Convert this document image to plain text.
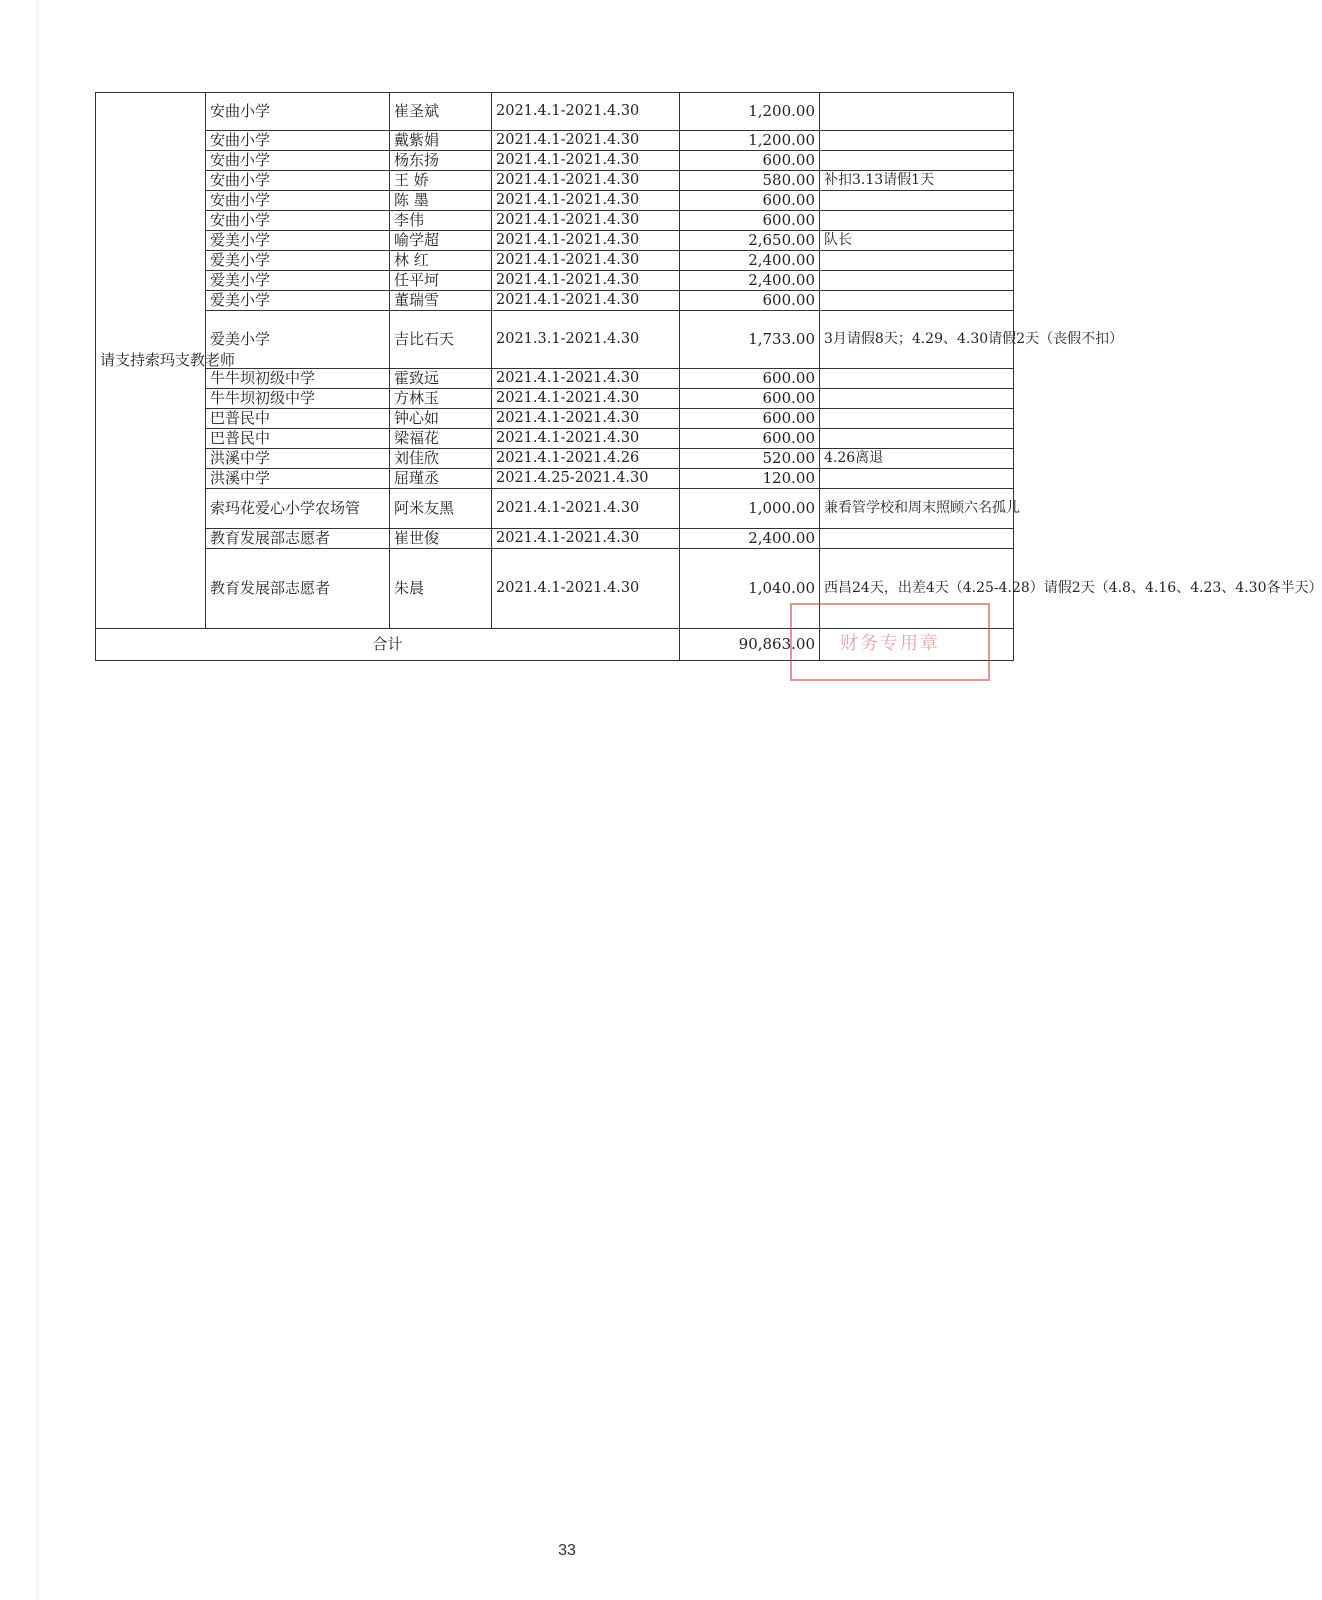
请支持索玛支教老师	安曲小学	崔圣斌	2021.4.1-2021.4.30	1,200.00	
	安曲小学	戴紫娟	2021.4.1-2021.4.30	1,200.00	
	安曲小学	杨东扬	2021.4.1-2021.4.30	600.00	
	安曲小学	王 娇	2021.4.1-2021.4.30	580.00	补扣3.13请假1天
	安曲小学	陈 墨	2021.4.1-2021.4.30	600.00	
	安曲小学	李伟	2021.4.1-2021.4.30	600.00	
	爱美小学	喻学超	2021.4.1-2021.4.30	2,650.00	队长
	爱美小学	林 红	2021.4.1-2021.4.30	2,400.00	
	爱美小学	任平坷	2021.4.1-2021.4.30	2,400.00	
	爱美小学	董瑞雪	2021.4.1-2021.4.30	600.00	
	爱美小学	吉比石天	2021.3.1-2021.4.30	1,733.00	3月请假8天；4.29、4.30请假2天（丧假不扣）
	牛牛坝初级中学	霍致远	2021.4.1-2021.4.30	600.00	
	牛牛坝初级中学	方林玉	2021.4.1-2021.4.30	600.00	
	巴普民中	钟心如	2021.4.1-2021.4.30	600.00	
	巴普民中	梁福花	2021.4.1-2021.4.30	600.00	
	洪溪中学	刘佳欣	2021.4.1-2021.4.26	520.00	4.26离退
	洪溪中学	屈瑾丞	2021.4.25-2021.4.30	120.00	
	索玛花爱心小学农场管	阿米友黑	2021.4.1-2021.4.30	1,000.00	兼看管学校和周末照顾六名孤儿
	教育发展部志愿者	崔世俊	2021.4.1-2021.4.30	2,400.00	
	教育发展部志愿者	朱晨	2021.4.1-2021.4.30	1,040.00	西昌24天，出差4天（4.25-4.28）请假2天（4.8、4.16、4.23、4.30各半天）
合计				90,863.00	财务专用章
33
